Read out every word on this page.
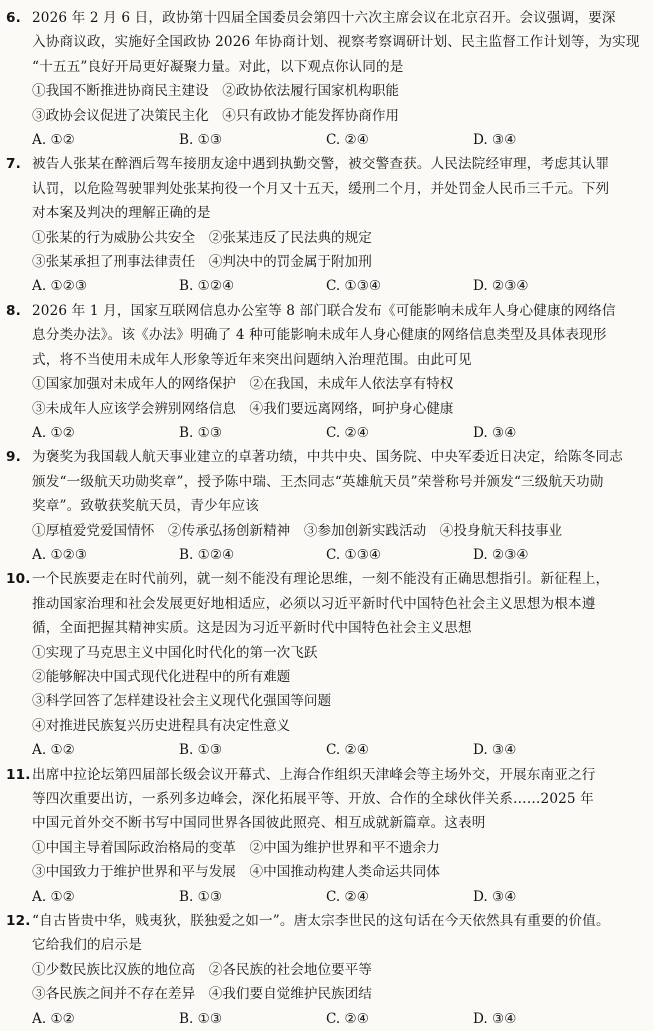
6. 2026 年 2 月 6 日，政协第十四届全国委员会第四十六次主席会议在北京召开。会议强调，要深
入协商议政，实施好全国政协 2026 年协商计划、视察考察调研计划、民主监督工作计划等，为实现
“十五五”良好开局更好凝聚力量。对此，以下观点你认同的是
①我国不断推进协商民主建设　②政协依法履行国家机构职能
③政协会议促进了决策民主化　④只有政协才能发挥协商作用
A. ①②	B. ①③	C. ②④	D. ③④
7. 被告人张某在醉酒后驾车接朋友途中遇到执勤交警，被交警查获。人民法院经审理，考虑其认罪
认罚，以危险驾驶罪判处张某拘役一个月又十五天，缓刑二个月，并处罚金人民币三千元。下列
对本案及判决的理解正确的是
①张某的行为威胁公共安全　②张某违反了民法典的规定
③张某承担了刑事法律责任　④判决中的罚金属于附加刑
A. ①②③	B. ①②④	C. ①③④	D. ②③④
8. 2026 年 1 月，国家互联网信息办公室等 8 部门联合发布《可能影响未成年人身心健康的网络信
息分类办法》。该《办法》明确了 4 种可能影响未成年人身心健康的网络信息类型及具体表现形
式，将不当使用未成年人形象等近年来突出问题纳入治理范围。由此可见
①国家加强对未成年人的网络保护　②在我国，未成年人依法享有特权
③未成年人应该学会辨别网络信息　④我们要远离网络，呵护身心健康
A. ①②	B. ①③	C. ②④	D. ③④
9. 为褒奖为我国载人航天事业建立的卓著功绩，中共中央、国务院、中央军委近日决定，给陈冬同志
颁发“一级航天功勋奖章”，授予陈中瑞、王杰同志“英雄航天员”荣誉称号并颁发“三级航天功勋
奖章”。致敬获奖航天员，青少年应该
①厚植爱党爱国情怀　②传承弘扬创新精神　③参加创新实践活动　④投身航天科技事业
A. ①②③	B. ①②④	C. ①③④	D. ②③④
10. 一个民族要走在时代前列，就一刻不能没有理论思维，一刻不能没有正确思想指引。新征程上，
推动国家治理和社会发展更好地相适应，必须以习近平新时代中国特色社会主义思想为根本遵
循，全面把握其精神实质。这是因为习近平新时代中国特色社会主义思想
①实现了马克思主义中国化时代化的第一次飞跃
②能够解决中国式现代化进程中的所有难题
③科学回答了怎样建设社会主义现代化强国等问题
④对推进民族复兴历史进程具有决定性意义
A. ①②	B. ①③	C. ②④	D. ③④
11. 出席中拉论坛第四届部长级会议开幕式、上海合作组织天津峰会等主场外交，开展东南亚之行
等四次重要出访，一系列多边峰会，深化拓展平等、开放、合作的全球伙伴关系……2025 年
中国元首外交不断书写中国同世界各国彼此照亮、相互成就新篇章。这表明
①中国主导着国际政治格局的变革　②中国为维护世界和平不遗余力
③中国致力于维护世界和平与发展　④中国推动构建人类命运共同体
A. ①②	B. ①③	C. ②④	D. ③④
12. “自古皆贵中华，贱夷狄，朕独爱之如一”。唐太宗李世民的这句话在今天依然具有重要的价值。
它给我们的启示是
①少数民族比汉族的地位高　②各民族的社会地位要平等
③各民族之间并不存在差异　④我们要自觉维护民族团结
A. ①②	B. ①③	C. ②④	D. ③④
